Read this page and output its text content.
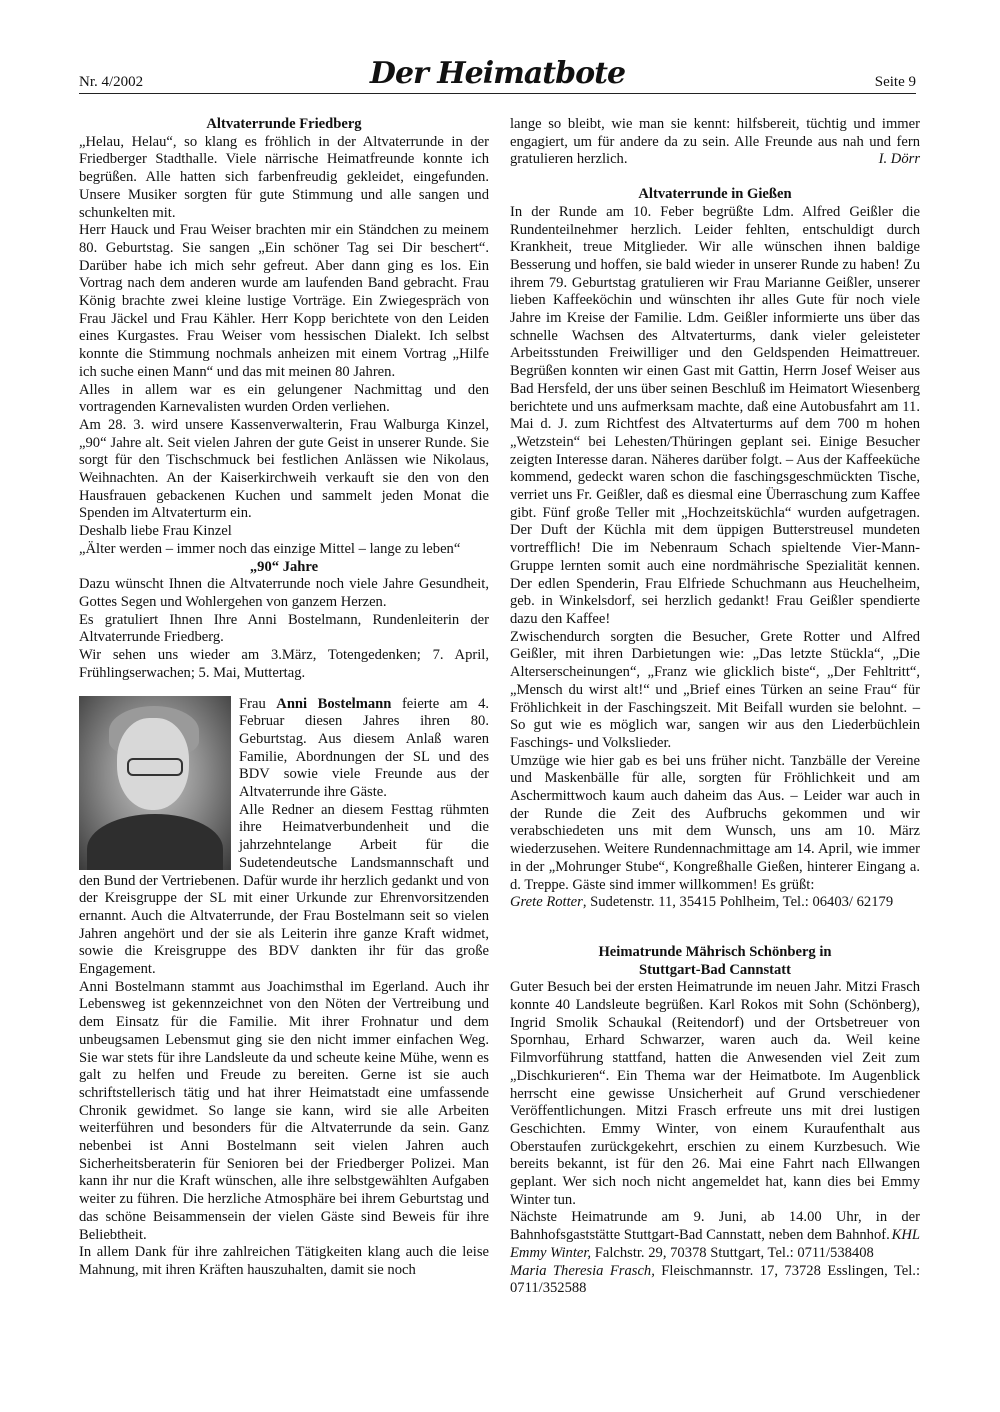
Nr. 4/2002	Der Heimatbote	Seite 9
Altvaterrunde Friedberg

„Helau, Helau“, so klang es fröhlich in der Altvaterrunde in der Friedberger Stadthalle. Viele närrische Heimatfreunde konnte ich begrüßen. Alle hatten sich farbenfreudig gekleidet, eingefunden. Unsere Musiker sorgten für gute Stimmung und alle sangen und schunkelten mit.

Herr Hauck und Frau Weiser brachten mir ein Ständchen zu meinem 80. Geburtstag. Sie sangen „Ein schöner Tag sei Dir beschert“. Darüber habe ich mich sehr gefreut. Aber dann ging es los. Ein Vortrag nach dem anderen wurde am laufenden Band gebracht. Frau König brachte zwei kleine lustige Vorträge. Ein Zwiegespräch von Frau Jäckel und Frau Kähler. Herr Kopp berichtete von den Leiden eines Kurgastes. Frau Weiser vom hessischen Dialekt. Ich selbst konnte die Stimmung nochmals anheizen mit einem Vortrag „Hilfe ich suche einen Mann“ und das mit meinen 80 Jahren.

Alles in allem war es ein gelungener Nachmittag und den vortragenden Karnevalisten wurden Orden verliehen.

Am 28. 3. wird unsere Kassenverwalterin, Frau Walburga Kinzel, „90“ Jahre alt. Seit vielen Jahren der gute Geist in unserer Runde. Sie sorgt für den Tischschmuck bei festlichen Anlässen wie Nikolaus, Weihnachten. An der Kaiserkirchweih verkauft sie den von den Hausfrauen gebackenen Kuchen und sammelt jeden Monat die Spenden im Altvaterturm ein.

Deshalb liebe Frau Kinzel

„Älter werden – immer noch das einzige Mittel – lange zu leben“

„90“ Jahre

Dazu wünscht Ihnen die Altvaterrunde noch viele Jahre Gesundheit, Gottes Segen und Wohlergehen von ganzem Herzen.

Es gratuliert Ihnen Ihre Anni Bostelmann, Rundenleiterin der Altvaterrunde Friedberg.

Wir sehen uns wieder am 3.März, Totengedenken; 7. April, Frühlingserwachen; 5. Mai, Muttertag.

Frau Anni Bostelmann feierte am 4. Februar diesen Jahres ihren 80. Geburtstag. Aus diesem Anlaß waren Familie, Abordnungen der SL und des BDV sowie viele Freunde aus der Altvaterrunde ihre Gäste.

Alle Redner an diesem Festtag rühmten ihre Heimatverbundenheit und die jahrzehntelange Arbeit für die Sudetendeutsche Landsmannschaft und den Bund der Vertriebenen. Dafür wurde ihr herzlich gedankt und von der Kreisgruppe der SL mit einer Urkunde zur Ehrenvorsitzenden ernannt. Auch die Altvaterrunde, der Frau Bostelmann seit so vielen Jahren angehört und der sie als Leiterin ihre ganze Kraft widmet, sowie die Kreisgruppe des BDV dankten ihr für das große Engagement.

Anni Bostelmann stammt aus Joachimsthal im Egerland. Auch ihr Lebensweg ist gekennzeichnet von den Nöten der Vertreibung und dem Einsatz für die Familie. Mit ihrer Frohnatur und dem unbeugsamen Lebensmut ging sie den nicht immer einfachen Weg. Sie war stets für ihre Landsleute da und scheute keine Mühe, wenn es galt zu helfen und Freude zu bereiten. Gerne ist sie auch schriftstellerisch tätig und hat ihrer Heimatstadt eine umfassende Chronik gewidmet. So lange sie kann, wird sie alle Arbeiten weiterführen und besonders für die Altvaterrunde da sein. Ganz nebenbei ist Anni Bostelmann seit vielen Jahren auch Sicherheitsberaterin für Senioren bei der Friedberger Polizei. Man kann ihr nur die Kraft wünschen, alle ihre selbstgewählten Aufgaben weiter zu führen. Die herzliche Atmosphäre bei ihrem Geburtstag und das schöne Beisammensein der vielen Gäste sind Beweis für ihre Beliebtheit.

In allem Dank für ihre zahlreichen Tätigkeiten klang auch die leise Mahnung, mit ihren Kräften hauszuhalten, damit sie noch

lange so bleibt, wie man sie kennt: hilfsbereit, tüchtig und immer engagiert, um für andere da zu sein. Alle Freunde aus nah und fern gratulieren herzlich.	I. Dörr

Altvaterrunde in Gießen

In der Runde am 10. Feber begrüßte Ldm. Alfred Geißler die Rundenteilnehmer herzlich. Leider fehlten, entschuldigt durch Krankheit, treue Mitglieder. Wir alle wünschen ihnen baldige Besserung und hoffen, sie bald wieder in unserer Runde zu haben! Zu ihrem 79. Geburtstag gratulieren wir Frau Marianne Geißler, unserer lieben Kaffeeköchin und wünschten ihr alles Gute für noch viele Jahre im Kreise der Familie. Ldm. Geißler informierte uns über das schnelle Wachsen des Altvaterturms, dank vieler geleisteter Arbeitsstunden Freiwilliger und den Geldspenden Heimattreuer. Begrüßen konnten wir einen Gast mit Gattin, Herrn Josef Weiser aus Bad Hersfeld, der uns über seinen Beschluß im Heimatort Wiesenberg berichtete und uns aufmerksam machte, daß eine Autobusfahrt am 11. Mai d. J. zum Richtfest des Altvaterturms auf dem 700 m hohen „Wetzstein“ bei Lehesten/Thüringen geplant sei. Einige Besucher zeigten Interesse daran. Näheres darüber folgt. – Aus der Kaffeeküche kommend, gedeckt waren schon die faschingsgeschmückten Tische, verriet uns Fr. Geißler, daß es diesmal eine Überraschung zum Kaffee gibt. Fünf große Teller mit „Hochzeitsküchla“ wurden aufgetragen. Der Duft der Küchla mit dem üppigen Butterstreusel mundeten vortrefflich! Die im Nebenraum Schach spieltende Vier-Mann-Gruppe lernten somit auch eine nordmährische Spezialität kennen. Der edlen Spenderin, Frau Elfriede Schuchmann aus Heuchelheim, geb. in Winkelsdorf, sei herzlich gedankt! Frau Geißler spendierte dazu den Kaffee!

Zwischendurch sorgten die Besucher, Grete Rotter und Alfred Geißler, mit ihren Darbietungen wie: „Das letzte Stückla“, „Die Alterserscheinungen“, „Franz wie glicklich biste“, „Der Fehltritt“, „Mensch du wirst alt!“ und „Brief eines Türken an seine Frau“ für Fröhlichkeit in der Faschingszeit. Mit Beifall wurden sie belohnt. – So gut wie es möglich war, sangen wir aus den Liederbüchlein Faschings- und Volkslieder.

Umzüge wie hier gab es bei uns früher nicht. Tanzbälle der Vereine und Maskenbälle für alle, sorgten für Fröhlichkeit und am Aschermittwoch kaum auch daheim das Aus. – Leider war auch in der Runde die Zeit des Aufbruchs gekommen und wir verabschiedeten uns mit dem Wunsch, uns am 10. März wiederzusehen. Weitere Rundennachmittage am 14. April, wie immer in der „Mohrunger Stube“, Kongreßhalle Gießen, hinterer Eingang a. d. Treppe. Gäste sind immer willkommen! Es grüßt:

Grete Rotter, Sudetenstr. 11, 35415 Pohlheim, Tel.: 06403/ 62179

Heimatrunde Mährisch Schönberg in
Stuttgart-Bad Cannstatt

Guter Besuch bei der ersten Heimatrunde im neuen Jahr. Mitzi Frasch konnte 40 Landsleute begrüßen. Karl Rokos mit Sohn (Schönberg), Ingrid Smolik Schaukal (Reitendorf) und der Ortsbetreuer von Spornhau, Erhard Schwarzer, waren auch da. Weil keine Filmvorführung stattfand, hatten die Anwesenden viel Zeit zum „Dischkurieren“. Ein Thema war der Heimatbote. Im Augenblick herrscht eine gewisse Unsicherheit auf Grund verschiedener Veröffentlichungen. Mitzi Frasch erfreute uns mit drei lustigen Geschichten. Emmy Winter, von einem Kuraufenthalt aus Oberstaufen zurückgekehrt, erschien zu einem Kurzbesuch. Wie bereits bekannt, ist für den 26. Mai eine Fahrt nach Ellwangen geplant. Wer sich noch nicht angemeldet hat, kann dies bei Emmy Winter tun.

Nächste Heimatrunde am 9. Juni, ab 14.00 Uhr, in der Bahnhofsgaststätte Stuttgart-Bad Cannstatt, neben dem Bahnhof. KHL

Emmy Winter, Falchstr. 29, 70378 Stuttgart, Tel.: 0711/538408

Maria Theresia Frasch, Fleischmannstr. 17, 73728 Esslingen, Tel.: 0711/352588
